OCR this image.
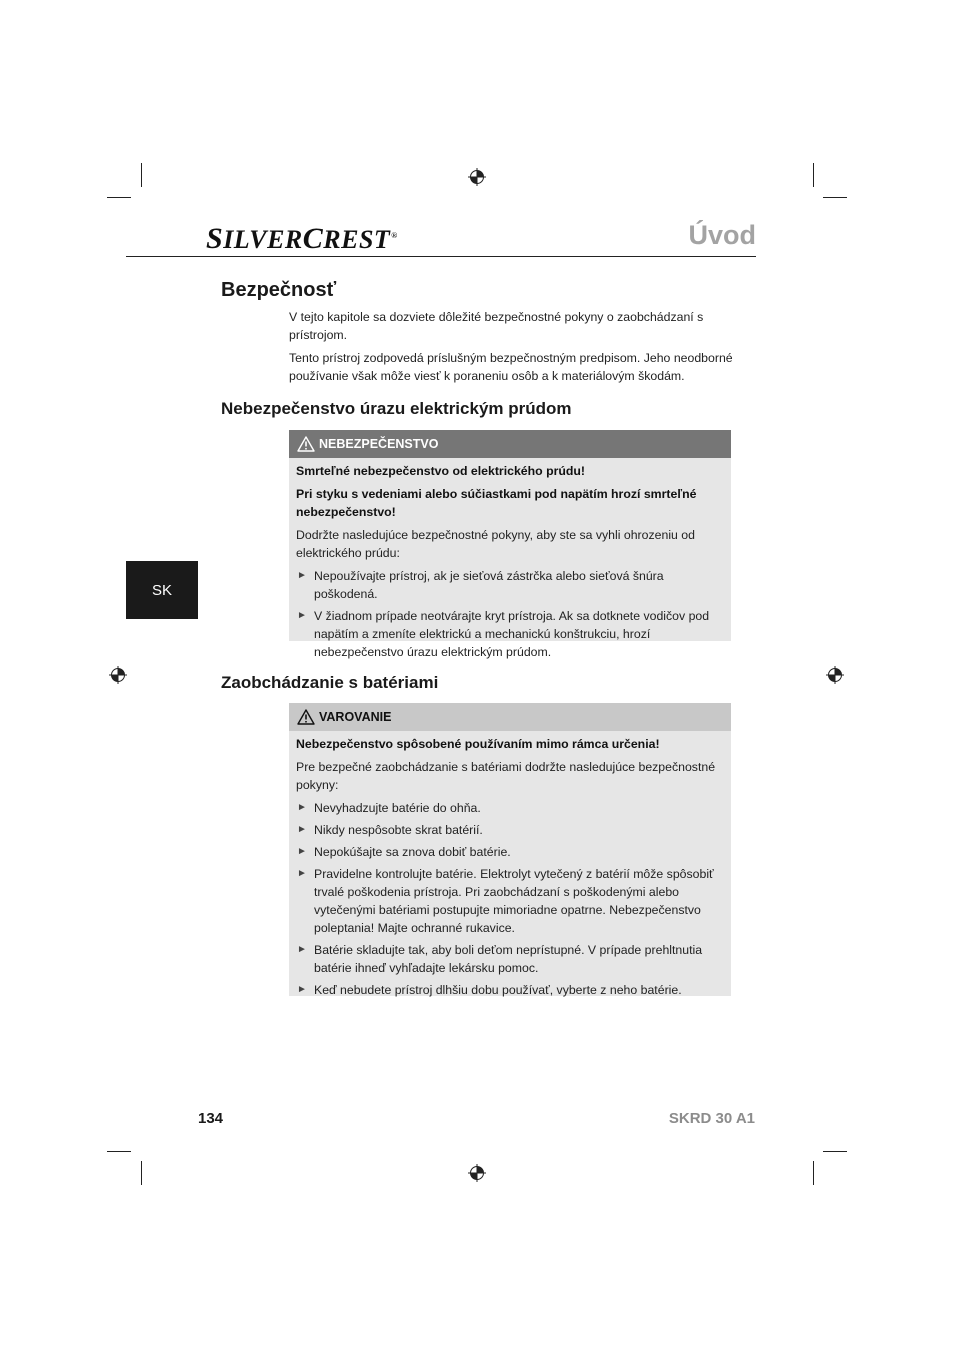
SILVERCREST®	Úvod
SK
Bezpečnosť

V tejto kapitole sa dozviete dôležité bezpečnostné pokyny o zaobchádzaní s prístrojom.

Tento prístroj zodpovedá príslušným bezpečnostným predpisom. Jeho neodborné používanie však môže viesť k poraneniu osôb a k materiálovým škodám.

Nebezpečenstvo úrazu elektrickým prúdom
NEBEZPEČENSTVO

Smrteľné nebezpečenstvo od elektrického prúdu!

Pri styku s vedeniami alebo súčiastkami pod napätím hrozí smrteľné nebezpečenstvo!

Dodržte nasledujúce bezpečnostné pokyny, aby ste sa vyhli ohrozeniu od elektrického prúdu:

► Nepoužívajte prístroj, ak je sieťová zástrčka alebo sieťová šnúra poškodená.
► V žiadnom prípade neotvárajte kryt prístroja. Ak sa dotknete vodičov pod napätím a zmeníte elektrickú a mechanickú konštrukciu, hrozí nebezpečenstvo úrazu elektrickým prúdom.
Zaobchádzanie s batériami
VAROVANIE

Nebezpečenstvo spôsobené používaním mimo rámca určenia!

Pre bezpečné zaobchádzanie s batériami dodržte nasledujúce bezpečnostné pokyny:

► Nevyhadzujte batérie do ohňa.
► Nikdy nespôsobte skrat batérií.
► Nepokúšajte sa znova dobiť batérie.
► Pravidelne kontrolujte batérie. Elektrolyt vytečený z batérií môže spôsobiť trvalé poškodenia prístroja. Pri zaobchádzaní s poškodenými alebo vytečenými batériami postupujte mimoriadne opatrne. Nebezpečenstvo poleptania! Majte ochranné rukavice.
► Batérie skladujte tak, aby boli deťom neprístupné. V prípade prehltnutia batérie ihneď vyhľadajte lekársku pomoc.
► Keď nebudete prístroj dlhšiu dobu používať, vyberte z neho batérie.
134	SKRD 30 A1
